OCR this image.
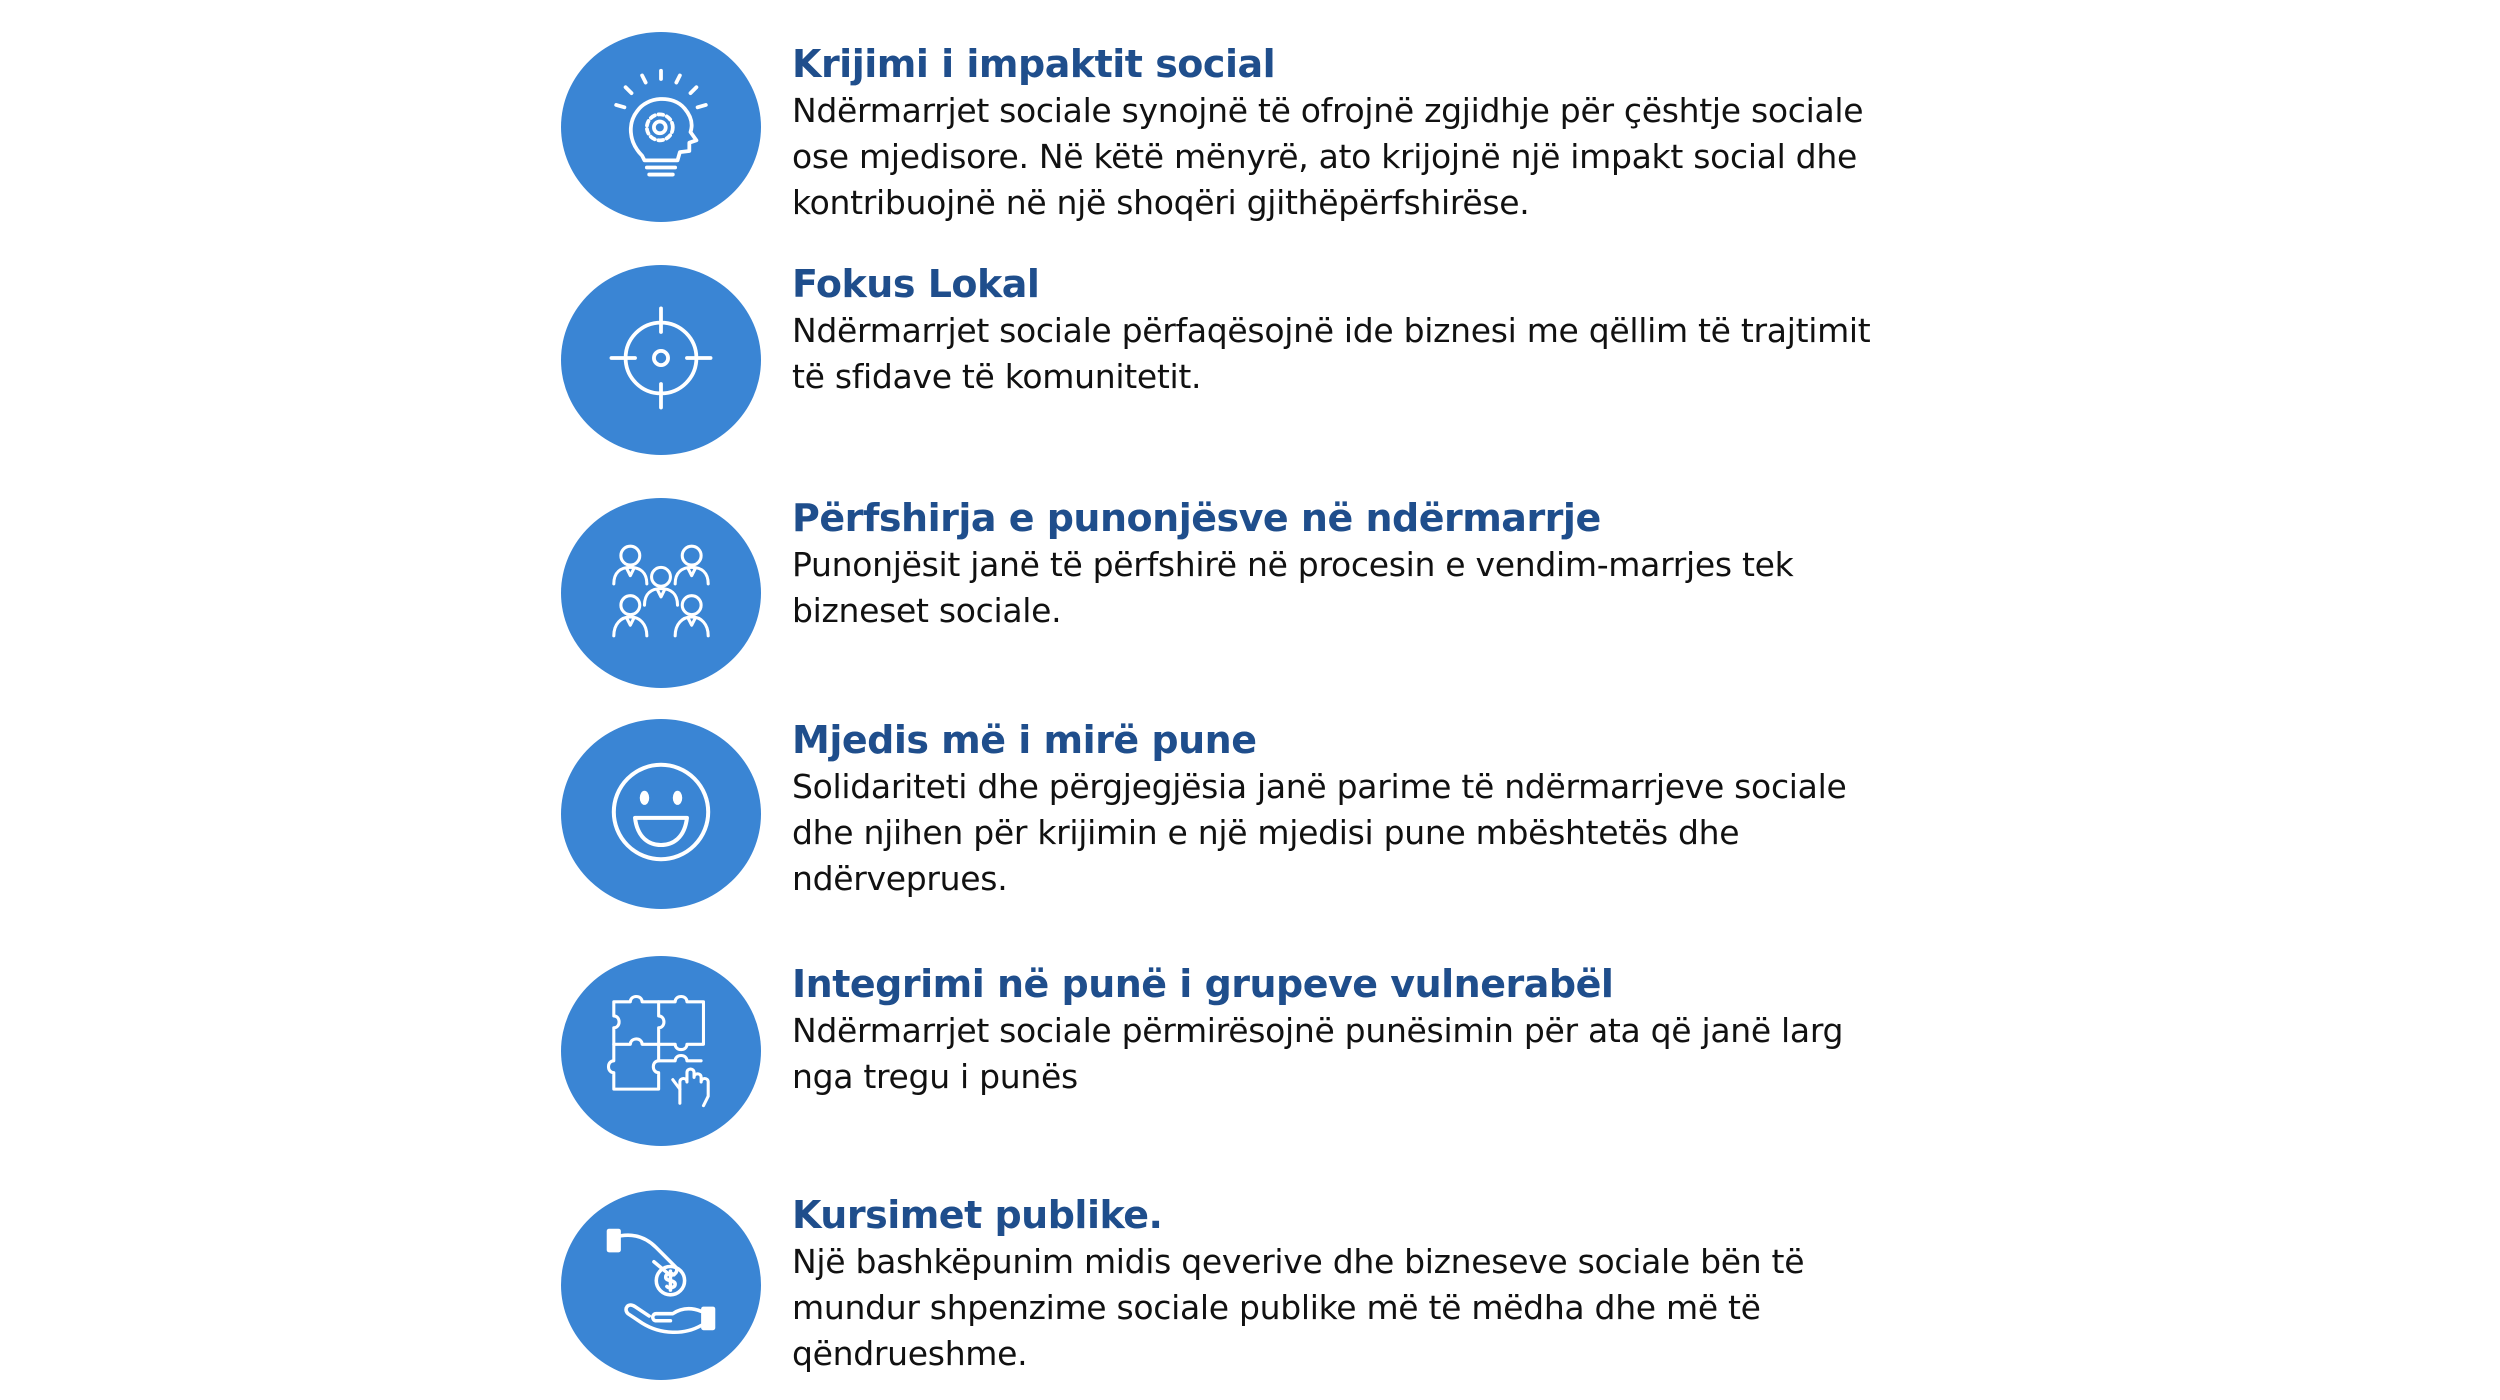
Krijimi i impaktit social

Ndërmarrjet sociale synojnë të ofrojnë zgjidhje për çështje sociale
ose mjedisore. Në këtë mënyrë, ato krijojnë një impakt social dhe
kontribuojnë në një shoqëri gjithëpërfshirëse.

Fokus Lokal

Ndërmarrjet sociale përfaqësojnë ide biznesi me qëllim të trajtimit
të sfidave të komunitetit.

Përfshirja e punonjësve në ndërmarrje

Punonjësit janë të përfshirë në procesin e vendim-marrjes tek
bizneset sociale.

Mjedis më i mirë pune

Solidariteti dhe përgjegjësia janë parime të ndërmarrjeve sociale
dhe njihen për krijimin e një mjedisi pune mbështetës dhe
ndërveprues.

Integrimi në punë i grupeve vulnerabël

Ndërmarrjet sociale përmirësojnë punësimin për ata që janë larg
nga tregu i punës

Kursimet publike.

Një bashkëpunim midis qeverive dhe bizneseve sociale bën të
mundur shpenzime sociale publike më të mëdha dhe më të
qëndrueshme.
